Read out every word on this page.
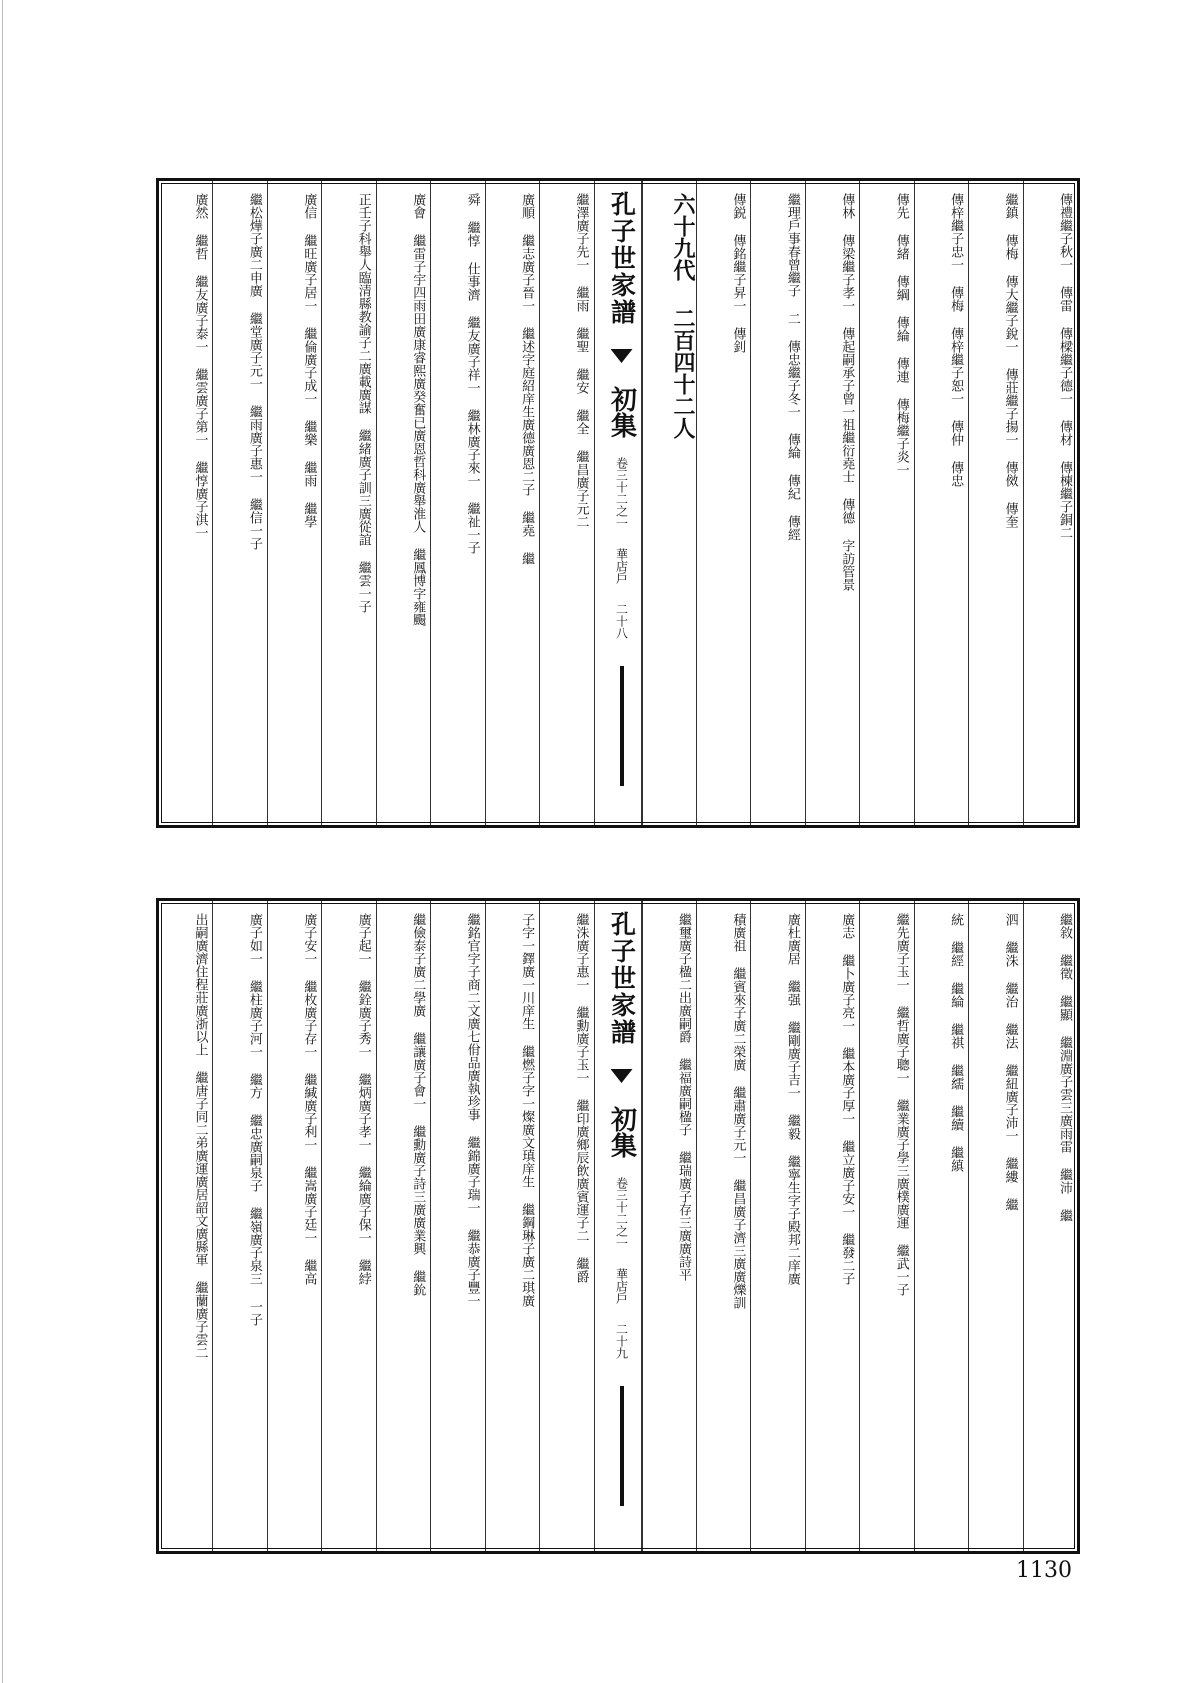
傳禮繼子秋一 傳雷 傳樑繼子德一 傳材 傳楝繼子銅二
繼鎮 傳梅 傳大繼子銳一 傳莊繼子揚一 傳傚 傳奎
傳梓繼子忠一 傳梅 傳梓繼子恕一 傳仲 傳忠
傳先 傳緒 傳綱 傳綸 傳連 傳梅繼子炎一
傳林 傳梁繼子孝一 傳起嗣承子曾一祖繼衍堯士 傳德 字訪管景
繼理戶事春曾繼子 二 傳忠繼子冬一 傳綸 傳紀 傳經
傳鋭 傳銘繼子昇一 傳釗
六十九代 二百四十二人
孔子世家譜  初集 卷三十二之一 華店戶 二十八
繼澤廣子先一 繼雨 繼聖 繼安 繼全 繼昌廣子元二
廣順 繼志廣子晉一 繼述字庭紹庠生廣德廣恩二子 繼堯 繼
舜 繼惇 仕事濟 繼友廣子祥一 繼林廣子來一 繼祉一子
廣會 繼雷子宇四雨田廣康睿熙廣癸奮已廣恩哲科廣舉淮人 繼鳳博字雍颺
正壬子科舉人臨清縣教諭子二廣載廣謀 繼緒廣子訓三廣從誼 繼雲一子
廣信 繼旺廣子居一 繼倫廣子成一 繼樂 繼雨 繼學
繼松燁子廣二申廣 繼堂廣子元一 繼雨廣子惠一 繼信一子
廣然 繼哲 繼友廣子泰一 繼雲廣子第一 繼惇廣子淇一
繼敘 繼徵 繼顯 繼淵廣子雲三廣雨雷 繼沛 繼
泗 繼洙 繼治 繼法 繼紐廣子沛一 繼縷 繼
統 繼經 繼綸 繼祺 繼繻 繼續 繼縝
繼先廣子玉一 繼哲廣子聰一 繼業廣子學三廣樸廣運 繼武一子
廣志 繼卜廣子亮一 繼本廣子厚一 繼立廣子安一 繼發二子
廣杜廣居 繼强 繼剛廣子吉一 繼毅 繼寧生字子殿邦二庠廣
積廣祖 繼賓來子廣二榮廣 繼肅廣子元一 繼昌廣子濟三廣廣爍訓
繼璽廣子楹二出廣嗣爵 繼福廣嗣楹子 繼瑞廣子存三廣廣詩平
孔子世家譜  初集 卷三十二之一 華店戶 二十九
繼洙廣子惠一 繼勳廣子玉一 繼印廣鄉辰飲廣賓運子二 繼爵
子字一鐸廣一川庠生 繼燃子字一燦廣文瑱庠生 繼鋼琳子廣二琪廣
繼銘官字子商二文廣七佾品廣執珍事 繼錦廣子瑞一 繼恭廣子豐一
繼儉泰子廣二學廣 繼讓廣子會一 繼勳廣子詩三廣廣業興 繼鈗
廣子起一 繼銓廣子秀一 繼炳廣子孝一 繼綸廣子保一 繼綍
廣子安一 繼枚廣子存一 繼緘廣子利一 繼嵩廣子廷一 繼高
廣子如一 繼柱廣子河一 繼方 繼忠廣嗣泉子 繼嶺廣子泉三 一子
出嗣廣濟住程莊廣浙以上 繼唐子同二弟廣運廣居韶文廣縣軍 繼蘭廣子雲二
1130
